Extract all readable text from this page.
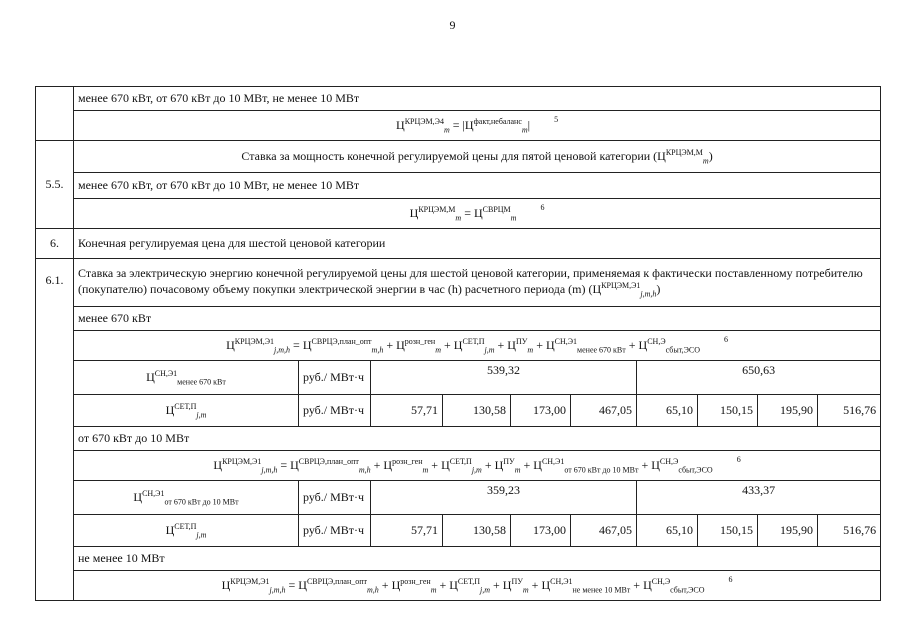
9
	менее 670 кВт, от 670 кВт до 10 МВт, не менее 10 МВт									
	$Ц^{КРЦЭМ,Э4}_m = |Ц^{факт,небаланс}_m|$ $^5$
5.5.	Ставка за мощность конечной регулируемой цены для пятой ценовой категории $(Ц^{КРЦЭМ,М}_m)$									
	менее 670 кВт, от 670 кВт до 10 МВт, не менее 10 МВт									
	$Ц^{КРЦЭМ,М}_m = Ц^{СВРЦМ}_m^6$
6.	Конечная регулируемая цена для шестой ценовой категории									
6.1.	Ставка за электрическую энергию конечной регулируемой цены для шестой ценовой категории, применяемая к фактически поставленному потребителю (покупателю) почасовому объему покупки электрической энергии в час (h) расчетного периода (m) $(Ц^{КРЦЭМ,Э1}_{j,m,h})$									
	менее 670 кВт									
	$Ц^{КРЦЭМ,Э1}_{j,m,h} = Ц^{СВРЦЭ,план\_опт}_{m,h} + Ц^{розн\_ген}_m + Ц^{СЕТ,П}_{j,m} + Ц^{ПУ}_m + Ц^{СН,Э1}_{менее 670 кВт} + Ц^{СН,Э}_{сбыт,ЭСО}^6$
	$Ц^{СН,Э1}_{менее 670 кВт}$	руб./ МВт·ч	539,32				650,63			
	$Ц^{СЕТ,П}_{j,m}$	руб./ МВт·ч	57,71	130,58	173,00	467,05	65,10	150,15	195,90	516,76
	от 670 кВт до 10 МВт									
	$Ц^{КРЦЭМ,Э1}_{j,m,h} = Ц^{СВРЦЭ,план\_опт}_{m,h} + Ц^{розн\_ген}_m + Ц^{СЕТ,П}_{j,m} + Ц^{ПУ}_m + Ц^{СН,Э1}_{от 670 кВт до 10 МВт} + Ц^{СН,Э}_{сбыт,ЭСО}^6$
	$Ц^{СН,Э1}_{от 670 кВт до 10 МВт}$	руб./ МВт·ч	359,23				433,37			
	$Ц^{СЕТ,П}_{j,m}$	руб./ МВт·ч	57,71	130,58	173,00	467,05	65,10	150,15	195,90	516,76
	не менее 10 МВт									
	$Ц^{КРЦЭМ,Э1}_{j,m,h} = Ц^{СВРЦЭ,план\_опт}_{m,h} + Ц^{розн\_ген}_m + Ц^{СЕТ,П}_{j,m} + Ц^{ПУ}_m + Ц^{СН,Э1}_{не менее 10 МВт} + Ц^{СН,Э}_{сбыт,ЭСО}^6$
